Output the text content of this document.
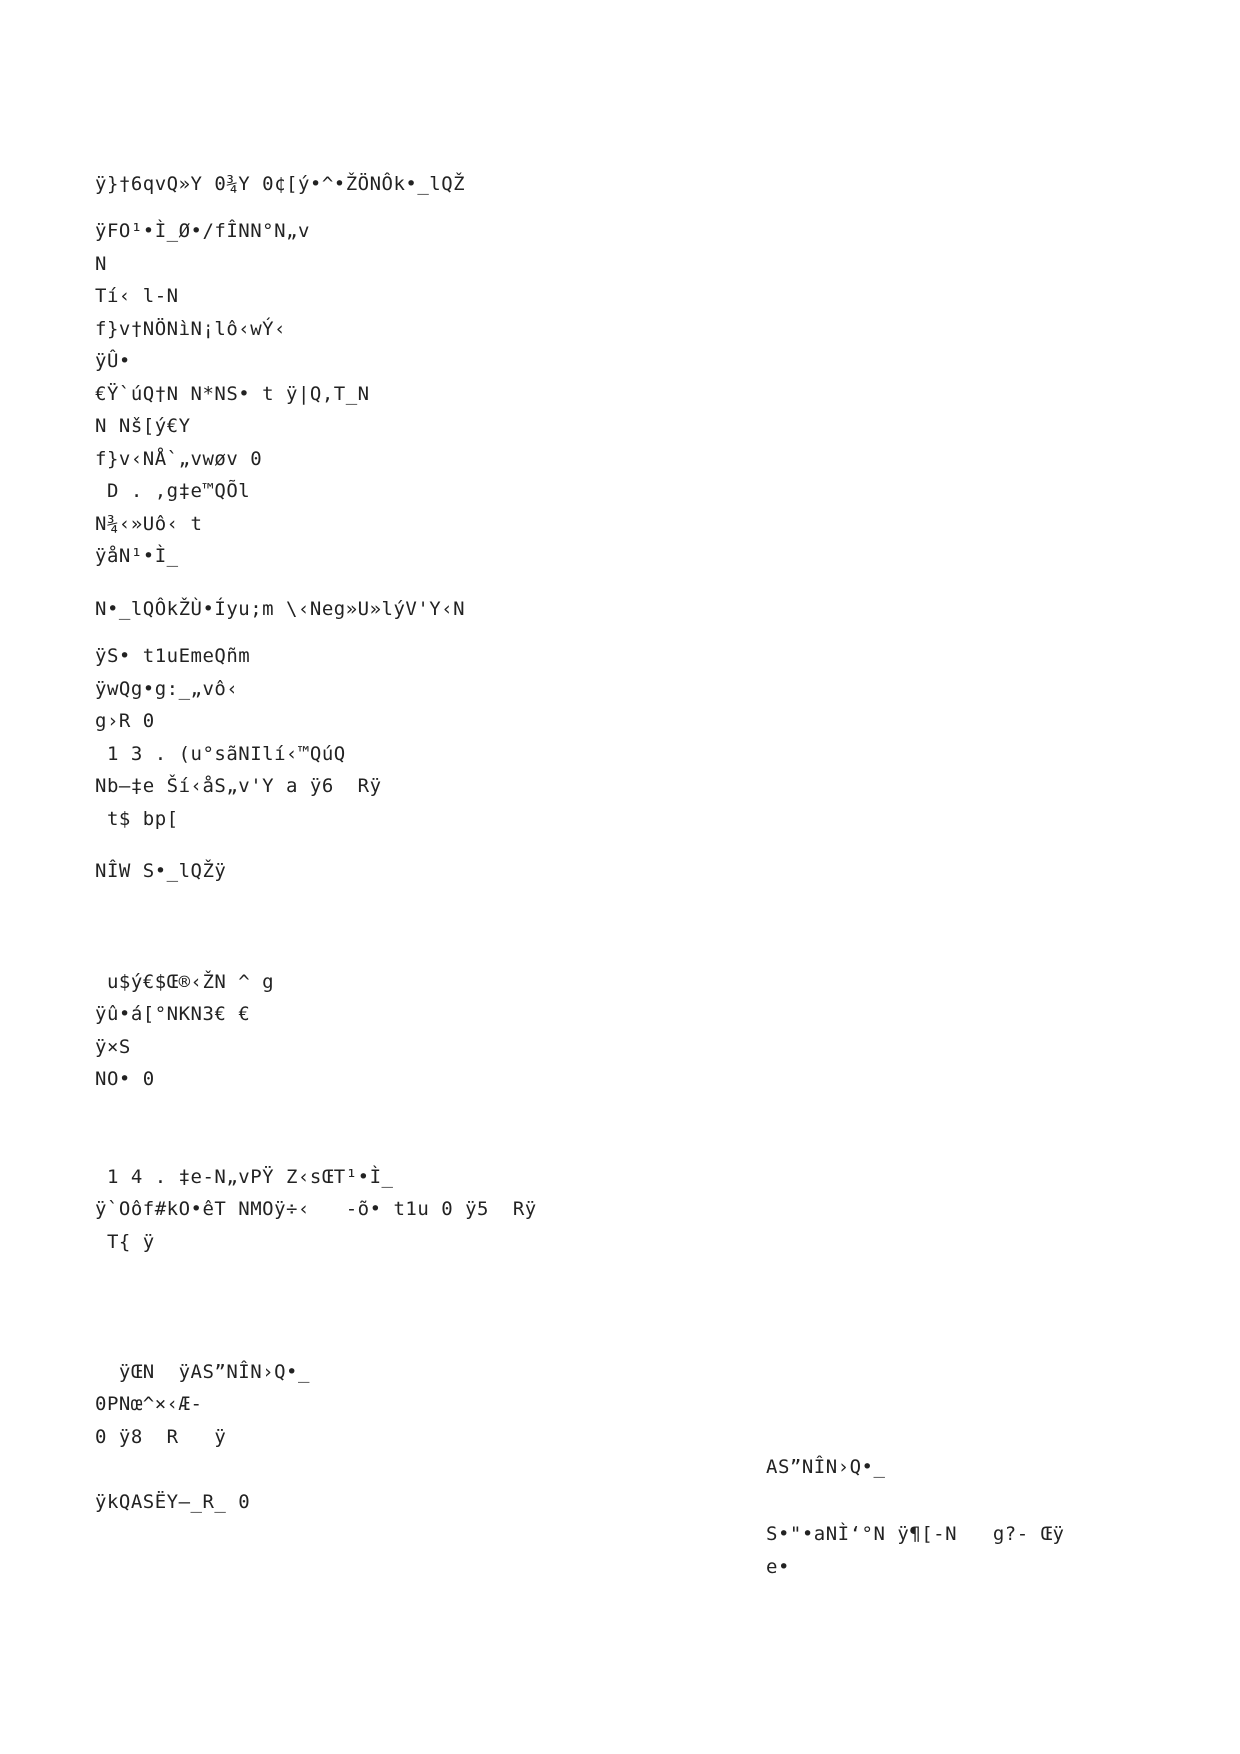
ÿ}†6qvQ»Y 0¾Y 0¢[ý•^•ŽÖNÔk•_lQŽ
ÿFO¹•Ì_Ø•/fÎNN°N„v
N
Tí‹ l-N
f}v†NÖNìN¡lô‹wÝ‹
ÿÛ•
€Ÿ`úQ†N N*NS• t ÿ|Q,T_N
N Nš[ý€Y
f}v‹NÅ`„vwøv 0
D . ,g‡e™QÕl
N¾‹»Uô‹ t
ÿåN¹•Ì_
N•_lQÔkŽÙ•Íyu;m \‹Neg»U»lýV'Y‹N
ÿS• t1uEmeQñm
ÿwQg•g:_„vô‹
g›R 0
1 3 . (u°sãNIlí‹™QúQ
Nb—‡e Ší‹åS„v'Y a ÿ6  Rÿ
t$ bp[
NÎW S•_lQŽÿ
u$ý€$Œ®‹ŽN ^ g
ÿû•á[°NKN3€ €
ÿ×S
NO• 0
1 4 . ‡e-N„vPŸ Z‹sŒT¹•Ì_
ÿ`Oôf#kO•êT NMOÿ÷‹   -õ• t1u 0 ÿ5  Rÿ
T{ ÿ
ÿŒN  ÿAS”NÎN›Q•_
0PNœ^×‹Æ-
0 ÿ8  R   ÿ
ÿkQASËY—_R_ 0
AS”NÎN›Q•_
S•"•aNÌ‘°N ÿ¶[-N   g?- Œÿ
e•
